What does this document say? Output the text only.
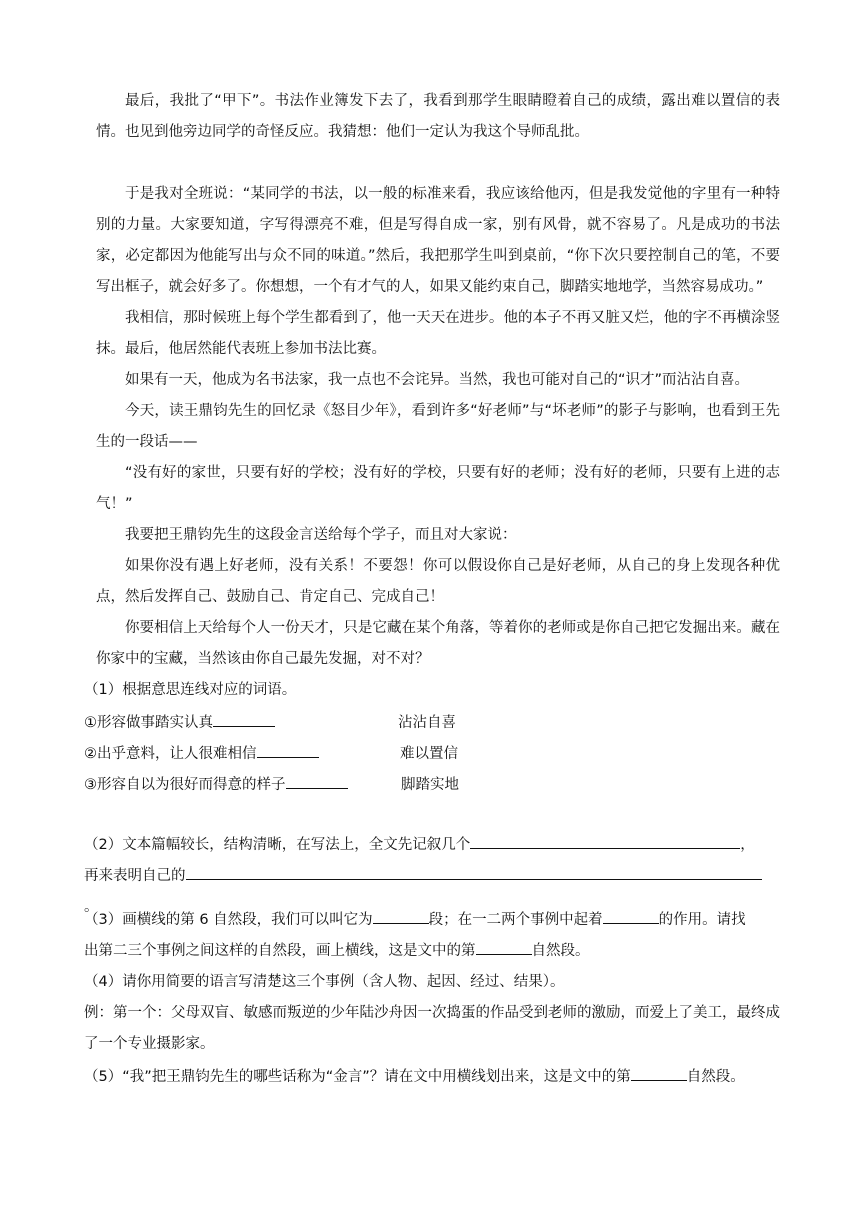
最后，我批了“甲下”。书法作业簿发下去了，我看到那学生眼睛瞪着自己的成绩，露出难以置信的表情。也见到他旁边同学的奇怪反应。我猜想：他们一定认为我这个导师乱批。

于是我对全班说：“某同学的书法，以一般的标准来看，我应该给他丙，但是我发觉他的字里有一种特别的力量。大家要知道，字写得漂亮不难，但是写得自成一家，别有风骨，就不容易了。凡是成功的书法家，必定都因为他能写出与众不同的味道。”然后，我把那学生叫到桌前，“你下次只要控制自己的笔，不要写出框子，就会好多了。你想想，一个有才气的人，如果又能约束自己，脚踏实地地学，当然容易成功。”

我相信，那时候班上每个学生都看到了，他一天天在进步。他的本子不再又脏又烂，他的字不再横涂竖抹。最后，他居然能代表班上参加书法比赛。

如果有一天，他成为名书法家，我一点也不会诧异。当然，我也可能对自己的“识才”而沾沾自喜。

今天，读王鼎钧先生的回忆录《怒目少年》，看到许多“好老师”与“坏老师”的影子与影响，也看到王先生的一段话——

“没有好的家世，只要有好的学校；没有好的学校，只要有好的老师；没有好的老师，只要有上进的志气！”

我要把王鼎钧先生的这段金言送给每个学子，而且对大家说：

如果你没有遇上好老师，没有关系！不要怨！你可以假设你自己是好老师，从自己的身上发现各种优点，然后发挥自己、鼓励自己、肯定自己、完成自己！

你要相信上天给每个人一份天才，只是它藏在某个角落，等着你的老师或是你自己把它发掘出来。藏在你家中的宝藏，当然该由你自己最先发掘，对不对？

（1）根据意思连线对应的词语。

①形容做事踏实认真	沾沾自喜
②出乎意料，让人很难相信	难以置信
③形容自以为很好而得意的样子	脚踏实地

（2）文本篇幅较长，结构清晰，在写法上，全文先记叙几个	，

再来表明自己的。

（3）画横线的第 6 自然段，我们可以叫它为	段；在一二两个事例中起着	的作用。请找

出第二三个事例之间这样的自然段，画上横线，这是文中的第	自然段。

（4）请你用简要的语言写清楚这三个事例（含人物、起因、经过、结果）。

例：第一个：父母双盲、敏感而叛逆的少年陆沙舟因一次捣蛋的作品受到老师的激励，而爱上了美工，最终成了一个专业摄影家。

（5）“我”把王鼎钧先生的哪些话称为“金言”？请在文中用横线划出来，这是文中的第	自然段。
